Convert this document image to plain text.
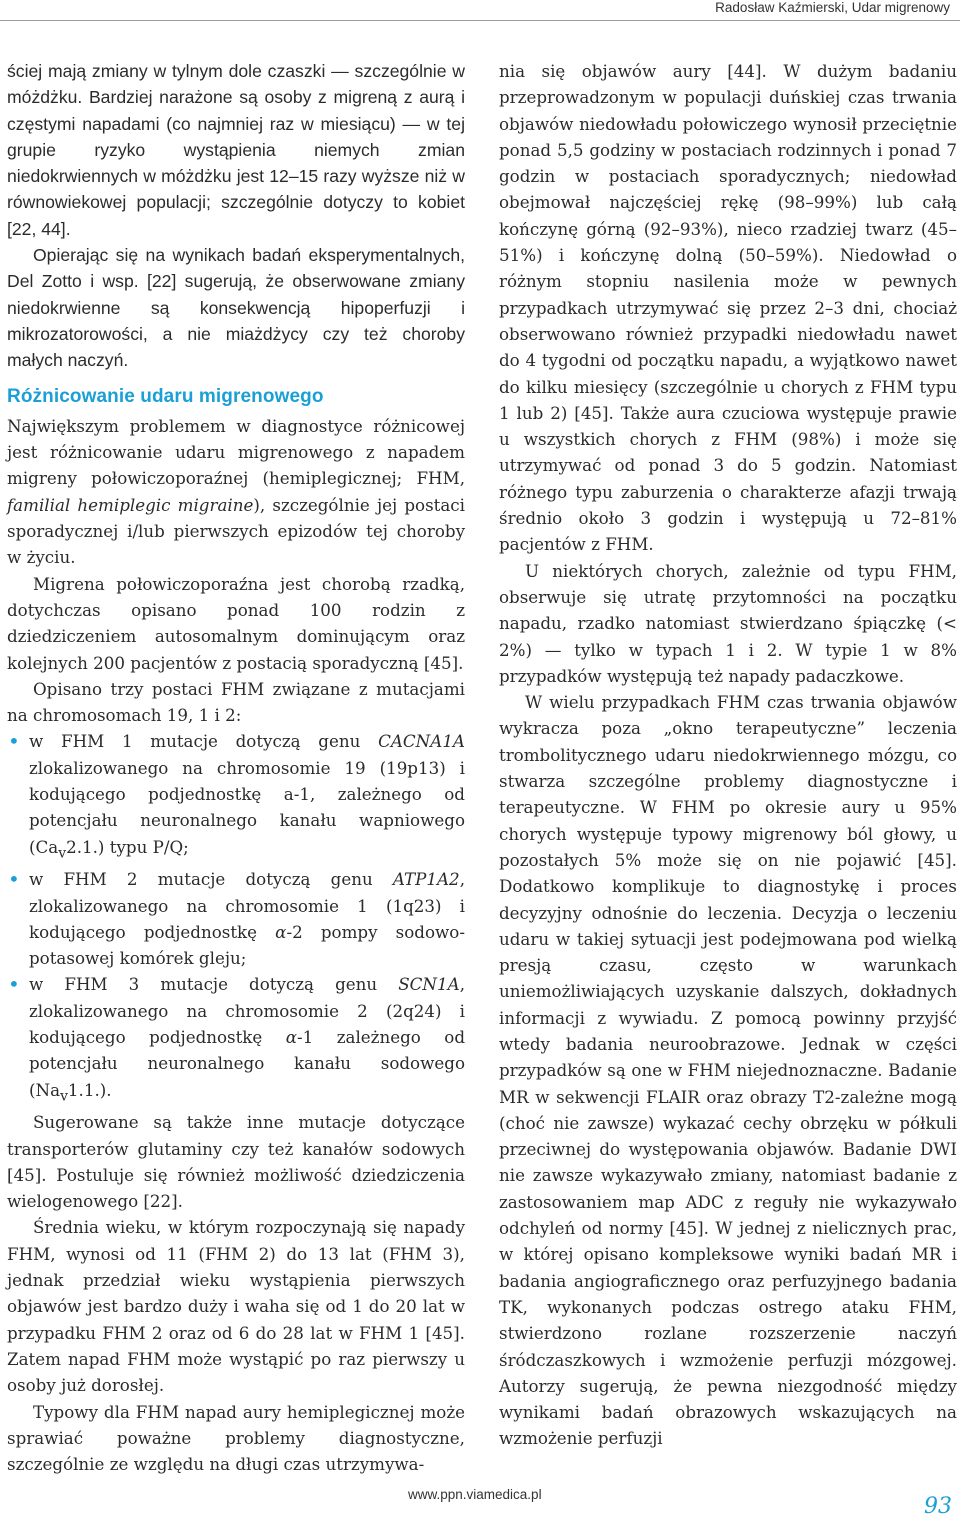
Radosław Kaźmierski, Udar migrenowy

ściej mają zmiany w tylnym dole czaszki — szczególnie w móżdżku. Bardziej narażone są osoby z migreną z aurą i częstymi napadami (co najmniej raz w miesiącu) — w tej grupie ryzyko wystąpienia niemych zmian niedokrwiennych w móżdżku jest 12–15 razy wyższe niż w równowiekowej populacji; szczególnie dotyczy to kobiet [22, 44].

Opierając się na wynikach badań eksperymentalnych, Del Zotto i wsp. [22] sugerują, że obserwowane zmiany niedokrwienne są konsekwencją hipoperfuzji i mikrozatorowości, a nie miażdżycy czy też choroby małych naczyń.

Różnicowanie udaru migrenowego

Największym problemem w diagnostyce różnicowej jest różnicowanie udaru migrenowego z napadem migreny połowiczoporaźnej (hemiplegicznej; FHM, familial hemiplegic migraine), szczególnie jej postaci sporadycznej i/lub pierwszych epizodów tej choroby w życiu.

Migrena połowiczoporaźna jest chorobą rzadką, dotychczas opisano ponad 100 rodzin z dziedziczeniem autosomalnym dominującym oraz kolejnych 200 pacjentów z postacią sporadyczną [45].

Opisano trzy postaci FHM związane z mutacjami na chromosomach 19, 1 i 2:

• w FHM 1 mutacje dotyczą genu CACNA1A zlokalizowanego na chromosomie 19 (19p13) i kodującego podjednostkę a-1, zależnego od potencjału neuronalnego kanału wapniowego $(Ca_v2.1.)$ typu P/Q;
• w FHM 2 mutacje dotyczą genu ATP1A2, zlokalizowanego na chromosomie 1 (1q23) i kodującego podjednostkę α-2 pompy sodowo-potasowej komórek gleju;
• w FHM 3 mutacje dotyczą genu SCN1A, zlokalizowanego na chromosomie 2 (2q24) i kodującego podjednostkę α-1 zależnego od potencjału neuronalnego kanału sodowego $(Na_v1.1.)$.

Sugerowane są także inne mutacje dotyczące transporterów glutaminy czy też kanałów sodowych [45]. Postuluje się również możliwość dziedziczenia wielogenowego [22].

Średnia wieku, w którym rozpoczynają się napady FHM, wynosi od 11 (FHM 2) do 13 lat (FHM 3), jednak przedział wieku wystąpienia pierwszych objawów jest bardzo duży i waha się od 1 do 20 lat w przypadku FHM 2 oraz od 6 do 28 lat w FHM 1 [45]. Zatem napad FHM może wystąpić po raz pierwszy u osoby już dorosłej.

Typowy dla FHM napad aury hemiplegicznej może sprawiać poważne problemy diagnostyczne, szczególnie ze względu na długi czas utrzymywa-

nia się objawów aury [44]. W dużym badaniu przeprowadzonym w populacji duńskiej czas trwania objawów niedowładu połowiczego wynosił przeciętnie ponad 5,5 godziny w postaciach rodzinnych i ponad 7 godzin w postaciach sporadycznych; niedowład obejmował najczęściej rękę (98–99%) lub całą kończynę górną (92–93%), nieco rzadziej twarz (45–51%) i kończynę dolną (50–59%). Niedowład o różnym stopniu nasilenia może w pewnych przypadkach utrzymywać się przez 2–3 dni, chociaż obserwowano również przypadki niedowładu nawet do 4 tygodni od początku napadu, a wyjątkowo nawet do kilku miesięcy (szczególnie u chorych z FHM typu 1 lub 2) [45]. Także aura czuciowa występuje prawie u wszystkich chorych z FHM (98%) i może się utrzymywać od ponad 3 do 5 godzin. Natomiast różnego typu zaburzenia o charakterze afazji trwają średnio około 3 godzin i występują u 72–81% pacjentów z FHM.

U niektórych chorych, zależnie od typu FHM, obserwuje się utratę przytomności na początku napadu, rzadko natomiast stwierdzano śpiączkę (< 2%) — tylko w typach 1 i 2. W typie 1 w 8% przypadków występują też napady padaczkowe.

W wielu przypadkach FHM czas trwania objawów wykracza poza „okno terapeutyczne” leczenia trombolitycznego udaru niedokrwiennego mózgu, co stwarza szczególne problemy diagnostyczne i terapeutyczne. W FHM po okresie aury u 95% chorych występuje typowy migrenowy ból głowy, u pozostałych 5% może się on nie pojawić [45]. Dodatkowo komplikuje to diagnostykę i proces decyzyjny odnośnie do leczenia. Decyzja o leczeniu udaru w takiej sytuacji jest podejmowana pod wielką presją czasu, często w warunkach uniemożliwiających uzyskanie dalszych, dokładnych informacji z wywiadu. Z pomocą powinny przyjść wtedy badania neuroobrazowe. Jednak w części przypadków są one w FHM niejednoznaczne. Badanie MR w sekwencji FLAIR oraz obrazy T2-zależne mogą (choć nie zawsze) wykazać cechy obrzęku w półkuli przeciwnej do występowania objawów. Badanie DWI nie zawsze wykazywało zmiany, natomiast badanie z zastosowaniem map ADC z reguły nie wykazywało odchyleń od normy [45]. W jednej z nielicznych prac, w której opisano kompleksowe wyniki badań MR i badania angiograficznego oraz perfuzyjnego badania TK, wykonanych podczas ostrego ataku FHM, stwierdzono rozlane rozszerzenie naczyń śródczaszkowych i wzmożenie perfuzji mózgowej. Autorzy sugerują, że pewna niezgodność między wynikami badań obrazowych wskazujących na wzmożenie perfuzji

www.ppn.viamedica.pl	93
